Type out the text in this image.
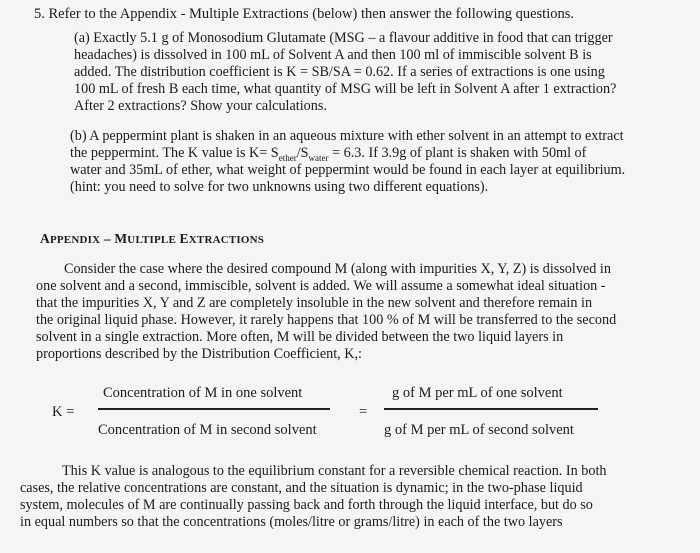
5. Refer to the Appendix - Multiple Extractions (below) then answer the following questions.
(a) Exactly 5.1 g of Monosodium Glutamate (MSG – a flavour additive in food that can trigger
headaches) is dissolved in 100 mL of Solvent A and then 100 ml of immiscible solvent B is
added. The distribution coefficient is K = SB/SA = 0.62. If a series of extractions is one using
100 mL of fresh B each time, what quantity of MSG will be left in Solvent A after 1 extraction?
After 2 extractions? Show your calculations.
(b) A peppermint plant is shaken in an aqueous mixture with ether solvent in an attempt to extract
the peppermint. The K value is $K= S_{ether}/S_{water} = 6.3$. If 3.9g of plant is shaken with 50ml of
water and 35mL of ether, what weight of peppermint would be found in each layer at equilibrium.
(hint: you need to solve for two unknowns using two different equations).
APPENDIX – MULTIPLE EXTRACTIONS
Consider the case where the desired compound M (along with impurities X, Y, Z) is dissolved in
one solvent and a second, immiscible, solvent is added. We will assume a somewhat ideal situation -
that the impurities X, Y and Z are completely insoluble in the new solvent and therefore remain in
the original liquid phase. However, it rarely happens that 100 % of M will be transferred to the second
solvent in a single extraction. More often, M will be divided between the two liquid layers in
proportions described by the Distribution Coefficient, K,:
K =
Concentration of M in one solvent
Concentration of M in second solvent
=
g of M per mL of one solvent
g of M per mL of second solvent
This K value is analogous to the equilibrium constant for a reversible chemical reaction. In both
cases, the relative concentrations are constant, and the situation is dynamic; in the two-phase liquid
system, molecules of M are continually passing back and forth through the liquid interface, but do so
in equal numbers so that the concentrations (moles/litre or grams/litre) in each of the two layers
